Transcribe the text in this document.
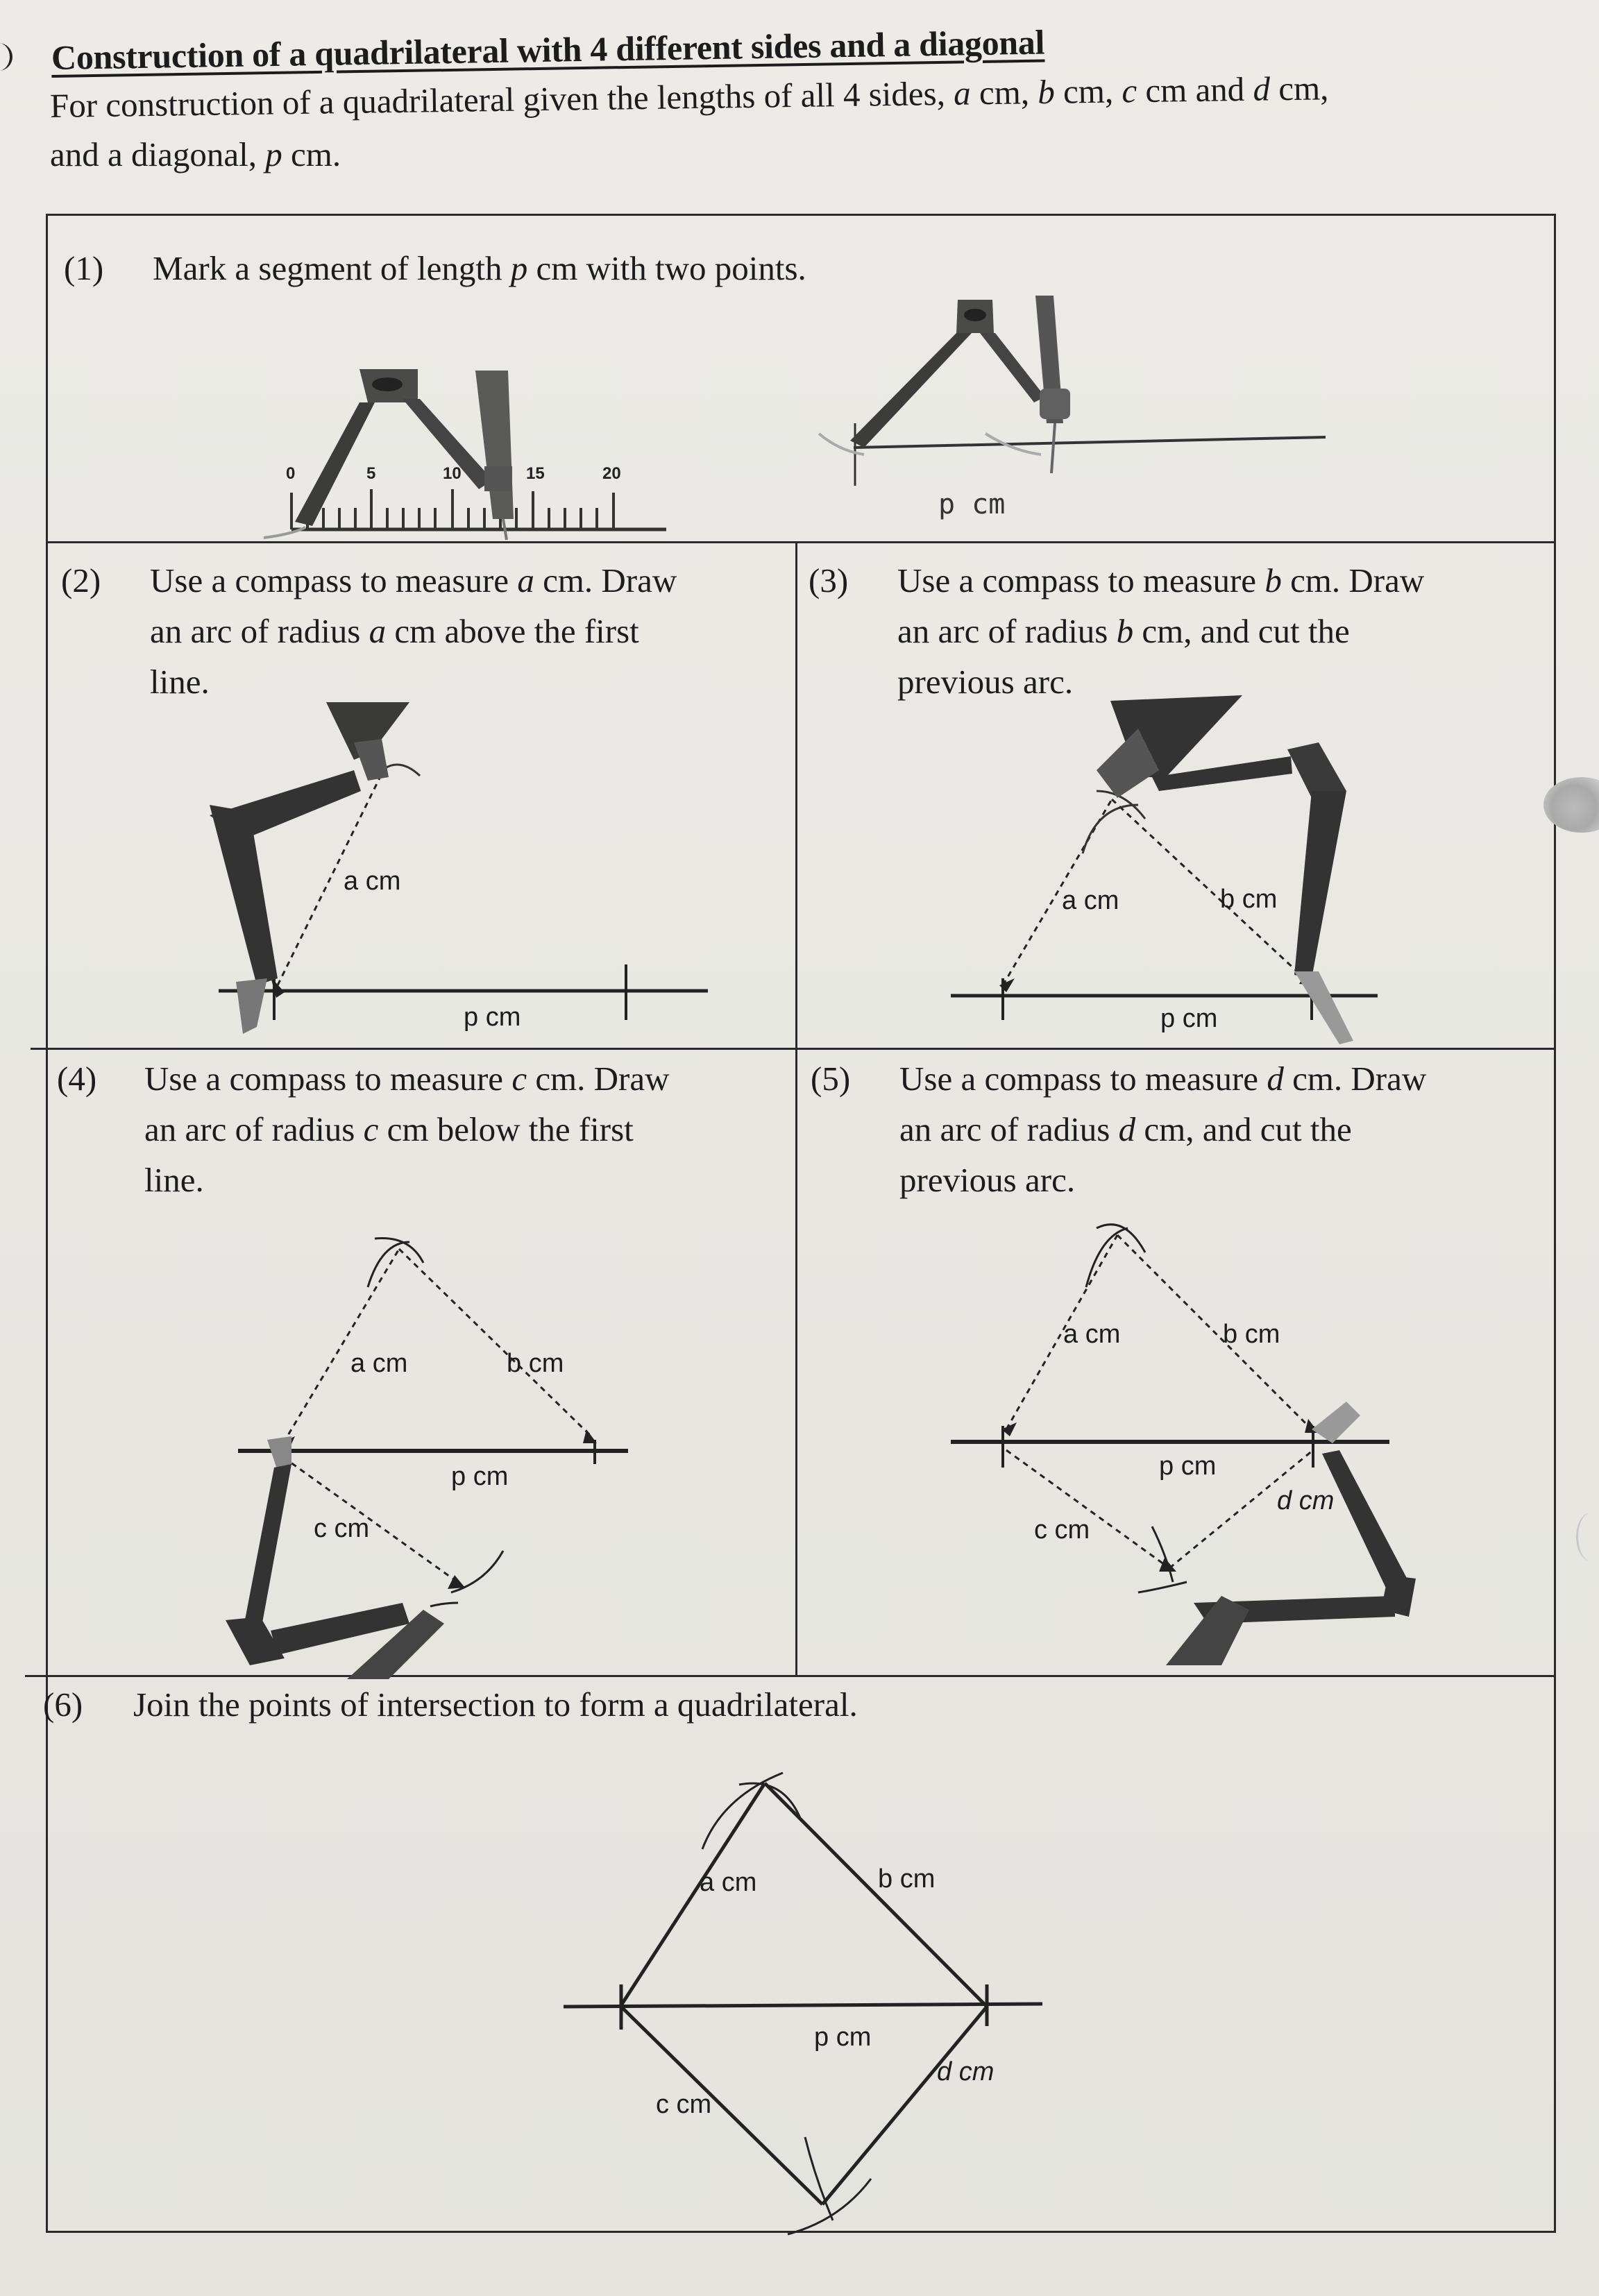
Construction of a quadrilateral with 4 different sides and a diagonal
For construction of a quadrilateral given the lengths of all 4 sides, a cm, b cm, c cm and d cm,
and a diagonal, p cm.
(1) Mark a segment of length p cm with two points.
0	5	10	15	20
p cm
(2) Use a compass to measure a cm. Draw
an arc of radius a cm above the first
line.
a cm
p cm
(3) Use a compass to measure b cm. Draw
an arc of radius b cm, and cut the
previous arc.
a cm	b cm
p cm
(4) Use a compass to measure c cm. Draw
an arc of radius c cm below the first
line.
a cm	b cm
p cm
c cm
(5) Use a compass to measure d cm. Draw
an arc of radius d cm, and cut the
previous arc.
a cm	b cm
p cm
d cm
c cm
(6) Join the points of intersection to form a quadrilateral.
a cm	b cm
p cm
d cm
c cm
